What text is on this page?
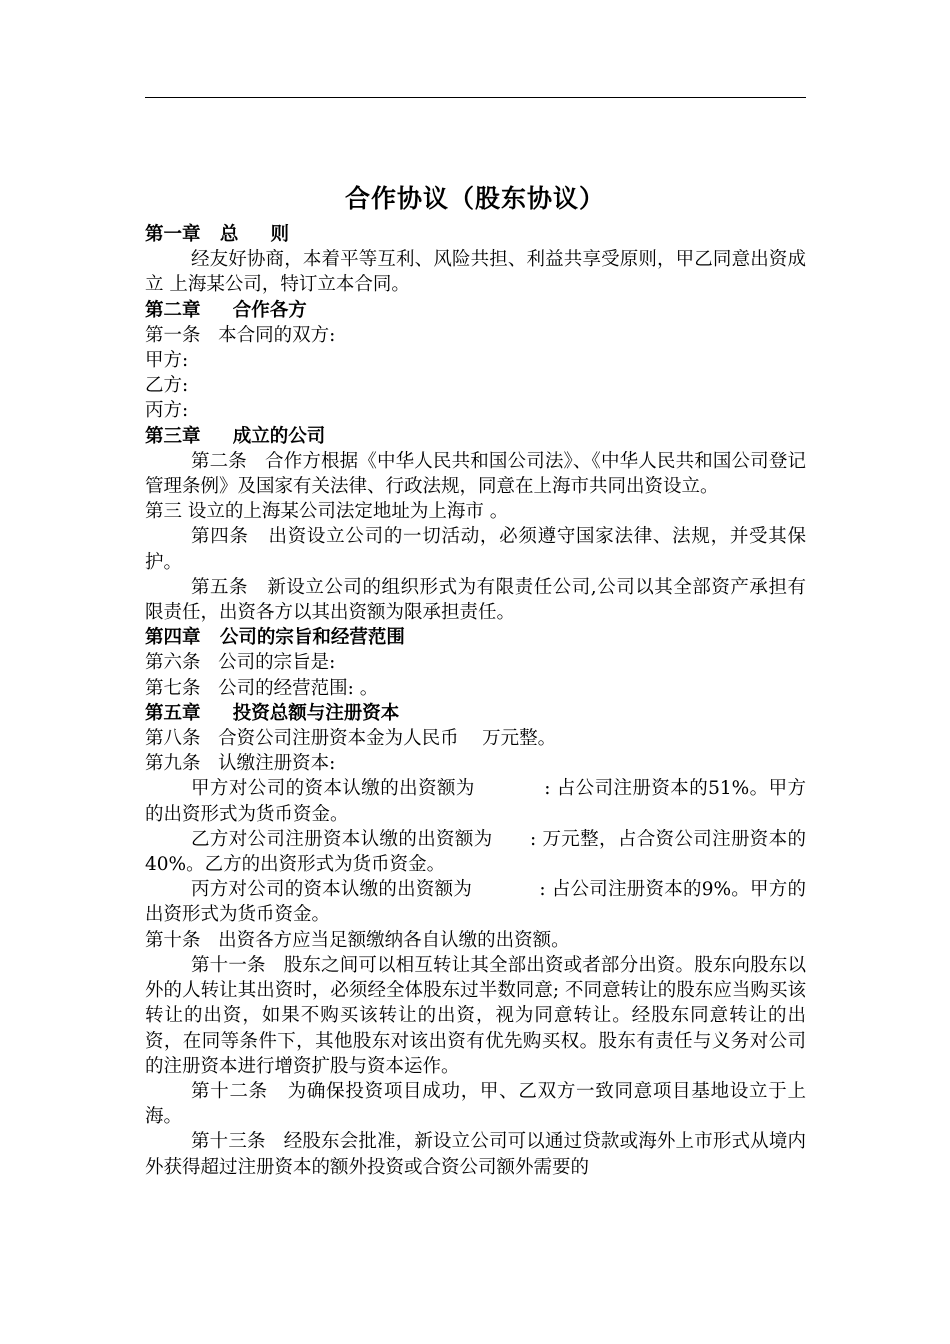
合作协议（股东协议）

第一章   总     则

经友好协商，本着平等互利、风险共担、利益共享受原则，甲乙同意出资成立 上海某公司，特订立本合同。

第二章     合作各方

第一条   本合同的双方:

甲方:

乙方:

丙方:

第三章     成立的公司

第二条   合作方根据《中华人民共和国公司法》、《中华人民共和国公司登记管理条例》及国家有关法律、行政法规，同意在上海市共同出资设立。

第三 设立的上海某公司法定地址为上海市 。

第四条   出资设立公司的一切活动，必须遵守国家法律、法规，并受其保护。

第五条   新设立公司的组织形式为有限责任公司,公司以其全部资产承担有限责任，出资各方以其出资额为限承担责任。

第四章   公司的宗旨和经营范围

第六条   公司的宗旨是:

第七条   公司的经营范围: 。

第五章     投资总额与注册资本

第八条   合资公司注册资本金为人民币    万元整。

第九条   认缴注册资本:

甲方对公司的资本认缴的出资额为           : 占公司注册资本的51%。甲方的出资形式为货币资金。

乙方对公司注册资本认缴的出资额为      : 万元整，占合资公司注册资本的40%。乙方的出资形式为货币资金。

丙方对公司的资本认缴的出资额为           : 占公司注册资本的9%。甲方的出资形式为货币资金。

第十条   出资各方应当足额缴纳各自认缴的出资额。

第十一条   股东之间可以相互转让其全部出资或者部分出资。股东向股东以外的人转让其出资时，必须经全体股东过半数同意; 不同意转让的股东应当购买该转让的出资，如果不购买该转让的出资，视为同意转让。经股东同意转让的出资，在同等条件下，其他股东对该出资有优先购买权。股东有责任与义务对公司的注册资本进行增资扩股与资本运作。

第十二条   为确保投资项目成功，甲、乙双方一致同意项目基地设立于上海。

第十三条   经股东会批准，新设立公司可以通过贷款或海外上市形式从境内外获得超过注册资本的额外投资或合资公司额外需要的
